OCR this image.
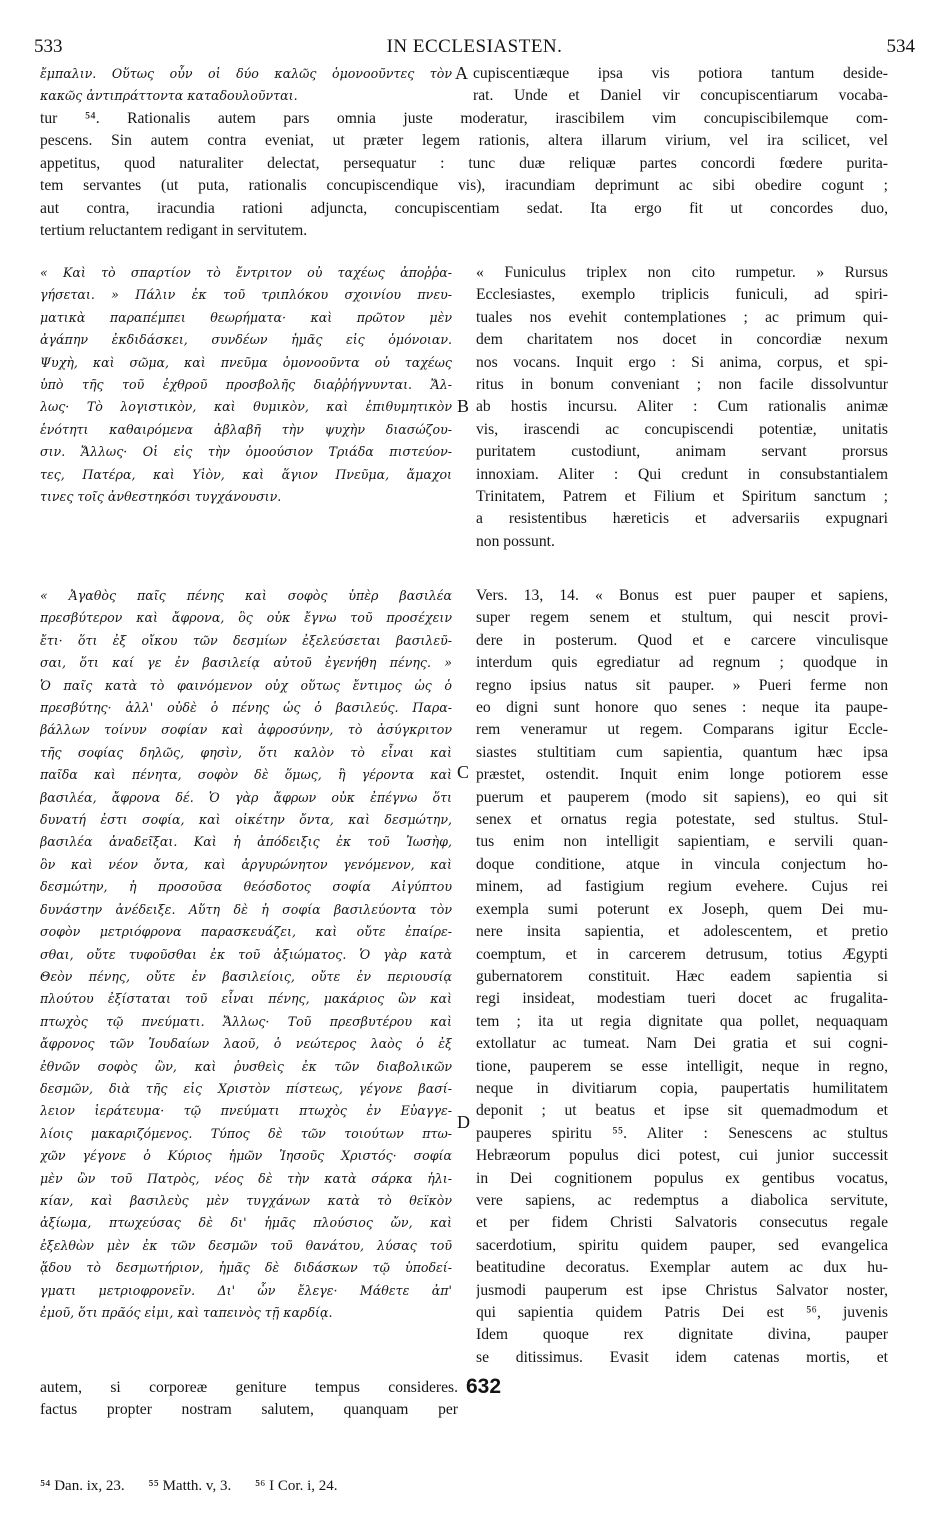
533	IN ECCLESIASTEN.	534

ἔμπαλιν. Οὕτως οὖν οἱ δύο καλῶς ὁμονοοῦντες τὸν

κακῶς ἀντιπράττοντα καταδουλοῦνται.

A cupiscentiæque ipsa vis potiora tantum deside-

rat. Unde et Daniel vir concupiscentiarum vocaba-

tur ⁵⁴. Rationalis autem pars omnia juste moderatur, irascibilem vim concupiscibilemque com-

pescens. Sin autem contra eveniat, ut præter legem rationis, altera illarum virium, vel ira scilicet, vel

appetitus, quod naturaliter delectat, persequatur : tunc duæ reliquæ partes concordi fœdere purita-

tem servantes (ut puta, rationalis concupiscendique vis), iracundiam deprimunt ac sibi obedire cogunt ;

aut contra, iracundia rationi adjuncta, concupiscentiam sedat. Ita ergo fit ut concordes duo,

tertium reluctantem redigant in servitutem.

« Καὶ τὸ σπαρτίον τὸ ἔντριτον οὐ ταχέως ἀποῤῥα-

γήσεται. » Πάλιν ἐκ τοῦ τριπλόκου σχοινίου πνευ-

ματικὰ παραπέμπει θεωρήματα· καὶ πρῶτον μὲν

ἀγάπην ἐκδιδάσκει, συνδέων ἡμᾶς εἰς ὁμόνοιαν.

Ψυχὴ, καὶ σῶμα, καὶ πνεῦμα ὁμονοοῦντα οὐ ταχέως

ὑπὸ τῆς τοῦ ἐχθροῦ προσβολῆς διαῤῥήγνυνται. Ἄλ-

λως· Τὸ λογιστικὸν, καὶ θυμικὸν, καὶ ἐπιθυμητικὸν

ἑνότητι καθαιρόμενα ἀβλαβῆ τὴν ψυχὴν διασώζου-

σιν. Ἄλλως· Οἱ εἰς τὴν ὁμοούσιον Τριάδα πιστεύον-

τες, Πατέρα, καὶ Υἱὸν, καὶ ἅγιον Πνεῦμα, ἄμαχοι

τινες τοῖς ἀνθεστηκόσι τυγχάνουσιν.

B

« Funiculus triplex non cito rumpetur. » Rursus

Ecclesiastes, exemplo triplicis funiculi, ad spiri-

tuales nos evehit contemplationes ; ac primum qui-

dem charitatem nos docet in concordiæ nexum

nos vocans. Inquit ergo : Si anima, corpus, et spi-

ritus in bonum conveniant ; non facile dissolvuntur

ab hostis incursu. Aliter : Cum rationalis animæ

vis, irascendi ac concupiscendi potentiæ, unitatis

puritatem custodiunt, animam servant prorsus

innoxiam. Aliter : Qui credunt in consubstantialem

Trinitatem, Patrem et Filium et Spiritum sanctum ;

a resistentibus hæreticis et adversariis expugnari

non possunt.

« Ἀγαθὸς παῖς πένης καὶ σοφὸς ὑπὲρ βασιλέα

πρεσβύτερον καὶ ἄφρονα, ὃς οὐκ ἔγνω τοῦ προσέχειν

ἔτι· ὅτι ἐξ οἴκου τῶν δεσμίων ἐξελεύσεται βασιλεῦ-

σαι, ὅτι καί γε ἐν βασιλείᾳ αὐτοῦ ἐγενήθη πένης. »

Ὁ παῖς κατὰ τὸ φαινόμενον οὐχ οὕτως ἔντιμος ὡς ὁ

πρεσβύτης· ἀλλ' οὐδὲ ὁ πένης ὡς ὁ βασιλεύς. Παρα-

βάλλων τοίνυν σοφίαν καὶ ἀφροσύνην, τὸ ἀσύγκριτον

τῆς σοφίας δηλῶς, φησὶν, ὅτι καλὸν τὸ εἶναι καὶ

παῖδα καὶ πένητα, σοφὸν δὲ ὅμως, ἢ γέροντα καὶ

βασιλέα, ἄφρονα δέ. Ὁ γὰρ ἄφρων οὐκ ἐπέγνω ὅτι

δυνατή ἐστι σοφία, καὶ οἰκέτην ὄντα, καὶ δεσμώτην,

βασιλέα ἀναδεῖξαι. Καὶ ἡ ἀπόδειξις ἐκ τοῦ Ἰωσὴφ,

ὃν καὶ νέον ὄντα, καὶ ἀργυρώνητον γενόμενον, καὶ

δεσμώτην, ἡ προσοῦσα θεόσδοτος σοφία Αἰγύπτου

δυνάστην ἀνέδειξε. Αὕτη δὲ ἡ σοφία βασιλεύοντα τὸν

σοφὸν μετριόφρονα παρασκευάζει, καὶ οὔτε ἐπαίρε-

σθαι, οὔτε τυφοῦσθαι ἐκ τοῦ ἀξιώματος. Ὁ γὰρ κατὰ

Θεὸν πένης, οὔτε ἐν βασιλείοις, οὔτε ἐν περιουσίᾳ

πλούτου ἐξίσταται τοῦ εἶναι πένης, μακάριος ὢν καὶ

πτωχὸς τῷ πνεύματι. Ἄλλως· Τοῦ πρεσβυτέρου καὶ

ἄφρονος τῶν Ἰουδαίων λαοῦ, ὁ νεώτερος λαὸς ὁ ἐξ

ἐθνῶν σοφὸς ὢν, καὶ ῥυσθεὶς ἐκ τῶν διαβολικῶν

δεσμῶν, διὰ τῆς εἰς Χριστὸν πίστεως, γέγονε βασί-

λειον ἱεράτευμα· τῷ πνεύματι πτωχὸς ἐν Εὐαγγε-

λίοις μακαριζόμενος. Τύπος δὲ τῶν τοιούτων πτω-

χῶν γέγονε ὁ Κύριος ἡμῶν Ἰησοῦς Χριστός· σοφία

μὲν ὢν τοῦ Πατρὸς, νέος δὲ τὴν κατὰ σάρκα ἡλι-

κίαν, καὶ βασιλεὺς μὲν τυγχάνων κατὰ τὸ θεϊκὸν

ἀξίωμα, πτωχεύσας δὲ δι' ἡμᾶς πλούσιος ὤν, καὶ

ἐξελθὼν μὲν ἐκ τῶν δεσμῶν τοῦ θανάτου, λύσας τοῦ

ᾅδου τὸ δεσμωτήριον, ἡμᾶς δὲ διδάσκων τῷ ὑποδεί-

γματι μετριοφρονεῖν. Δι' ὧν ἔλεγε· Μάθετε ἀπ'

ἐμοῦ, ὅτι πρᾶός εἰμι, καὶ ταπεινὸς τῇ καρδίᾳ.

C
D

autem, si corporeæ geniture tempus consideres.

factus propter nostram salutem, quanquam per

632

Vers. 13, 14. « Bonus est puer pauper et sapiens,

super regem senem et stultum, qui nescit provi-

dere in posterum. Quod et e carcere vinculisque

interdum quis egrediatur ad regnum ; quodque in

regno ipsius natus sit pauper. » Pueri ferme non

eo digni sunt honore quo senes : neque ita paupe-

rem veneramur ut regem. Comparans igitur Eccle-

siastes stultitiam cum sapientia, quantum hæc ipsa

præstet, ostendit. Inquit enim longe potiorem esse

puerum et pauperem (modo sit sapiens), eo qui sit

senex et ornatus regia potestate, sed stultus. Stul-

tus enim non intelligit sapientiam, e servili quan-

doque conditione, atque in vincula conjectum ho-

minem, ad fastigium regium evehere. Cujus rei

exempla sumi poterunt ex Joseph, quem Dei mu-

nere insita sapientia, et adolescentem, et pretio

coemptum, et in carcerem detrusum, totius Ægypti

gubernatorem constituit. Hæc eadem sapientia si

regi insideat, modestiam tueri docet ac frugalita-

tem ; ita ut regia dignitate qua pollet, nequaquam

extollatur ac tumeat. Nam Dei gratia et sui cogni-

tione, pauperem se esse intelligit, neque in regno,

neque in divitiarum copia, paupertatis humilitatem

deponit ; ut beatus et ipse sit quemadmodum et

pauperes spiritu ⁵⁵. Aliter : Senescens ac stultus

Hebræorum populus dici potest, cui junior successit

in Dei cognitionem populus ex gentibus vocatus,

vere sapiens, ac redemptus a diabolica servitute,

et per fidem Christi Salvatoris consecutus regale

sacerdotium, spiritu quidem pauper, sed evangelica

beatitudine decoratus. Exemplar autem ac dux hu-

jusmodi pauperum est ipse Christus Salvator noster,

qui sapientia quidem Patris Dei est ⁵⁶, juvenis

Idem quoque rex dignitate divina, pauper

se ditissimus. Evasit idem catenas mortis, et

⁵⁴ Dan. ix, 23. ⁵⁵ Matth. v, 3. ⁵⁶ I Cor. i, 24.
